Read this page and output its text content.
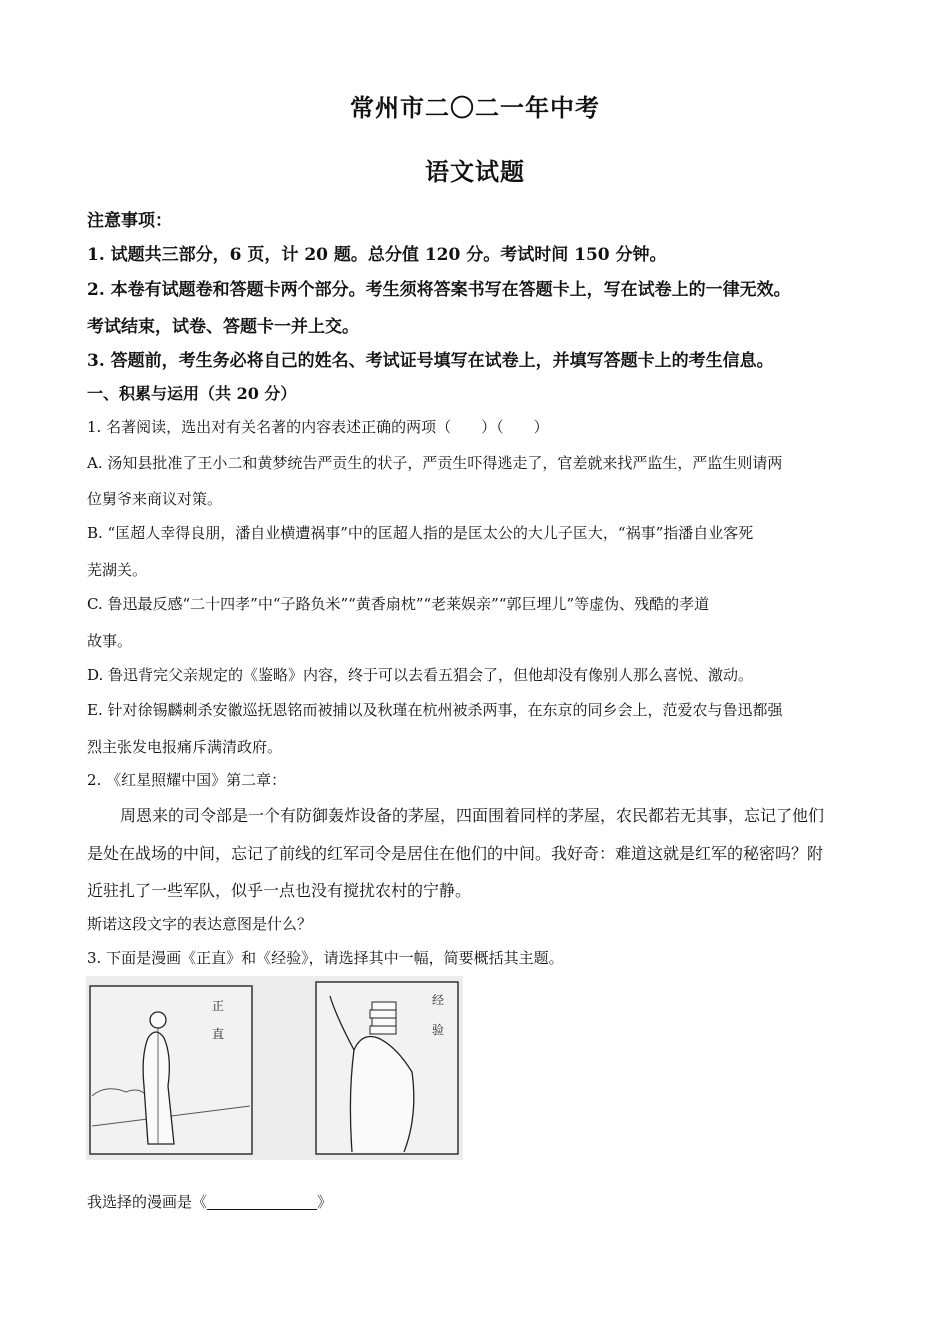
常州市二〇二一年中考
语文试题
注意事项：
1. 试题共三部分，6 页，计 20 题。总分值 120 分。考试时间 150 分钟。
2. 本卷有试题卷和答题卡两个部分。考生须将答案书写在答题卡上，写在试卷上的一律无效。
考试结束，试卷、答题卡一并上交。
3. 答题前，考生务必将自己的姓名、考试证号填写在试卷上，并填写答题卡上的考生信息。
一、积累与运用（共 20 分）
1. 名著阅读，选出对有关名著的内容表述正确的两项（　　）（　　）
A. 汤知县批准了王小二和黄梦统告严贡生的状子，严贡生吓得逃走了，官差就来找严监生，严监生则请两
位舅爷来商议对策。
B. “匡超人幸得良朋，潘自业横遭祸事”中的匡超人指的是匡太公的大儿子匡大，“祸事”指潘自业客死
芜湖关。
C. 鲁迅最反感“二十四孝”中“子路负米”“黄香扇枕”“老莱娱亲”“郭巨埋儿”等虚伪、残酷的孝道
故事。
D. 鲁迅背完父亲规定的《鉴略》内容，终于可以去看五猖会了，但他却没有像别人那么喜悦、激动。
E. 针对徐锡麟刺杀安徽巡抚恩铭而被捕以及秋瑾在杭州被杀两事，在东京的同乡会上，范爱农与鲁迅都强
烈主张发电报痛斥满清政府。
2. 《红星照耀中国》第二章：
周恩来的司令部是一个有防御轰炸设备的茅屋，四面围着同样的茅屋，农民都若无其事，忘记了他们
是处在战场的中间，忘记了前线的红军司令是居住在他们的中间。我好奇：难道这就是红军的秘密吗？附
近驻扎了一些军队，似乎一点也没有搅扰农村的宁静。
斯诺这段文字的表达意图是什么？
3. 下面是漫画《正直》和《经验》，请选择其中一幅，简要概括其主题。
正
直
经
验
我选择的漫画是《	》
